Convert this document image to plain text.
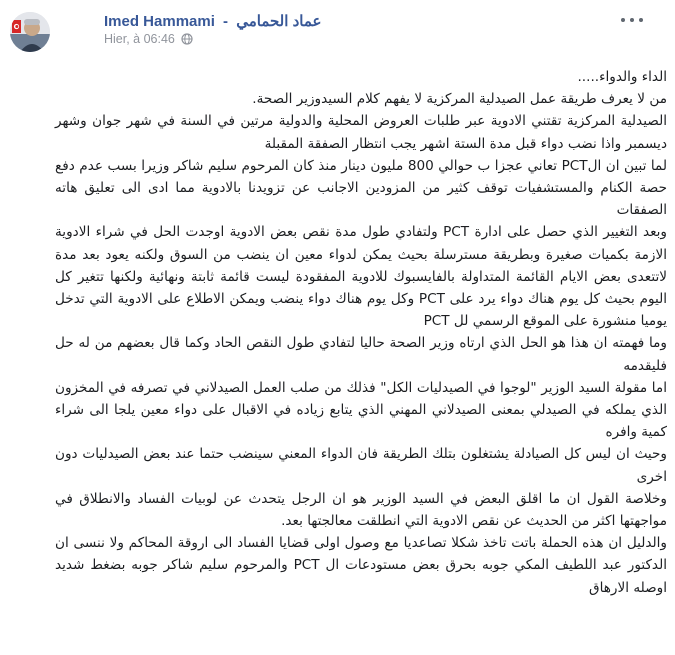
Imed Hammami - عماد الحمامي
Hier, à 06:46

الداء والدواء.....

من لا يعرف طريقة عمل الصيدلية المركزية لا يفهم كلام السيدوزير الصحة.

الصيدلية المركزية تقتني الادوية عبر طلبات العروض المحلية والدولية مرتين في السنة في شهر جوان وشهر ديسمبر واذا نضب دواء قبل مدة الستة اشهر يجب انتظار الصفقة المقبلة

لما تبين ان الPCT تعاني عجزا ب حوالي 800 مليون دينار منذ كان المرحوم سليم شاكر وزيرا بسب عدم دفع حصة الكنام والمستشفيات توقف كثير من المزودين الاجانب عن تزويدنا بالادوية مما ادى الى تعليق هاته الصفقات

وبعد التغيير الذي حصل على ادارة PCT ولتفادي طول مدة نقص بعض الادوية اوجدت الحل في شراء الادوية الازمة بكميات صغيرة وبطريقة مسترسلة بحيث يمكن لدواء معين ان ينضب من السوق ولكنه يعود بعد مدة لاتتعدى بعض الايام القائمة المتداولة بالفايسبوك للادوية المفقودة ليست قائمة ثابتة ونهائية ولكنها تتغير كل اليوم بحيث كل يوم هناك دواء يرد على PCT وكل يوم هناك دواء ينضب ويمكن الاطلاع على الادوية التي تدخل يوميا منشورة على الموقع الرسمي لل PCT

وما فهمته ان هذا هو الحل الذي ارتاه وزير الصحة حاليا لتفادي طول النقص الحاد وكما قال بعضهم من له حل فليقدمه

اما مقولة السيد الوزير "لوجوا في الصيدليات الكل" فذلك من صلب العمل الصيدلاني في تصرفه في المخزون الذي يملكه في الصيدلي بمعنى الصيدلاني المهني الذي يتابع زياده في الاقبال على دواء معين يلجا الى شراء كمية وافره

وحيث ان ليس كل الصيادلة يشتغلون بتلك الطريقة فان الدواء المعني سينضب حتما عند بعض الصيدليات دون اخرى

وخلاصة القول ان ما اقلق البعض في السيد الوزير هو ان الرجل يتحدث عن لوبيات الفساد والانطلاق في مواجهتها اكثر من الحديث عن نقص الادوية التي انطلقت معالجتها بعد.

والدليل ان هذه الحملة باتت تاخذ شكلا تصاعديا مع وصول اولى قضايا الفساد الى اروقة المحاكم ولا ننسى ان الدكتور عبد اللطيف المكي جوبه بحرق بعض مستودعات ال PCT والمرحوم سليم شاكر جوبه بضغط شديد اوصله الارهاق
